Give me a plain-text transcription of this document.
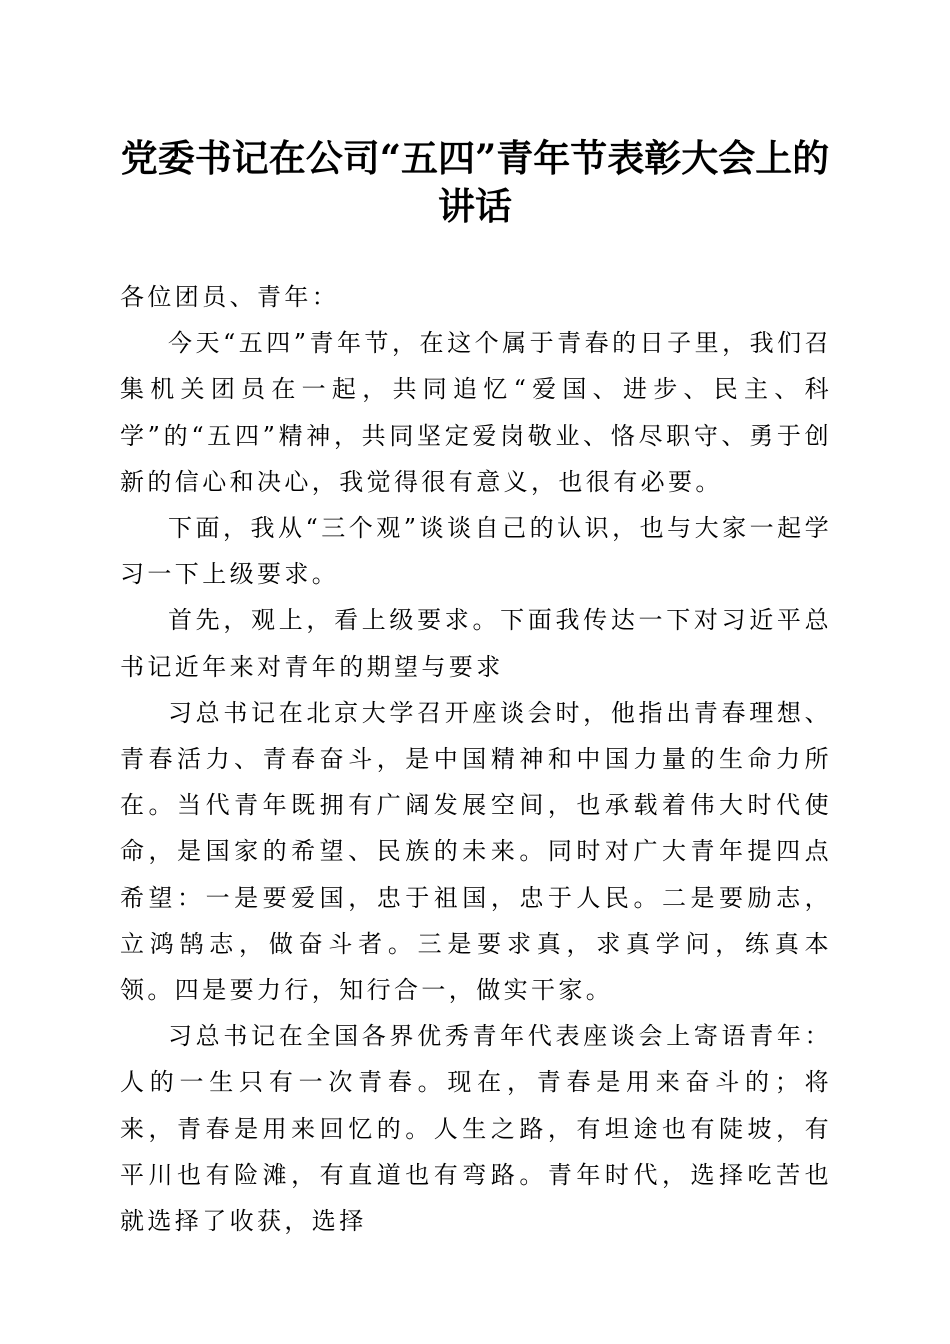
党委书记在公司“五四”青年节表彰大会上的讲话

各位团员、青年：

今天“五四”青年节，在这个属于青春的日子里，我们召集机关团员在一起，共同追忆“爱国、进步、民主、科学”的“五四”精神，共同坚定爱岗敬业、恪尽职守、勇于创新的信心和决心，我觉得很有意义，也很有必要。

下面，我从“三个观”谈谈自己的认识，也与大家一起学习一下上级要求。

首先，观上，看上级要求。下面我传达一下对习近平总书记近年来对青年的期望与要求

习总书记在北京大学召开座谈会时，他指出青春理想、青春活力、青春奋斗，是中国精神和中国力量的生命力所在。当代青年既拥有广阔发展空间，也承载着伟大时代使命，是国家的希望、民族的未来。同时对广大青年提四点希望：一是要爱国，忠于祖国，忠于人民。二是要励志，立鸿鹄志，做奋斗者。三是要求真，求真学问，练真本领。四是要力行，知行合一，做实干家。

习总书记在全国各界优秀青年代表座谈会上寄语青年：人的一生只有一次青春。现在，青春是用来奋斗的；将来，青春是用来回忆的。人生之路，有坦途也有陡坡，有平川也有险滩，有直道也有弯路。青年时代，选择吃苦也就选择了收获，选择
